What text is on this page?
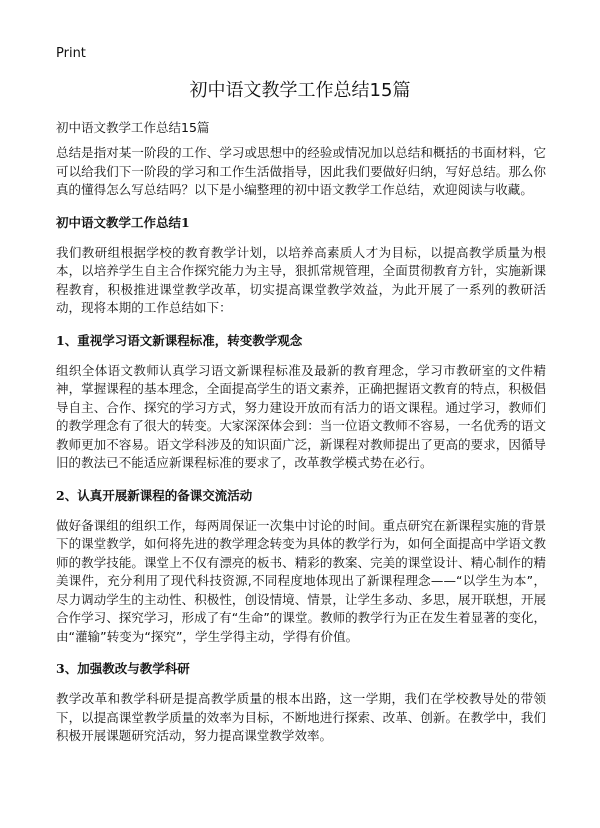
Print
初中语文教学工作总结15篇
初中语文教学工作总结15篇

总结是指对某一阶段的工作、学习或思想中的经验或情况加以总结和概括的书面材料，它可以给我们下一阶段的学习和工作生活做指导，因此我们要做好归纳，写好总结。那么你真的懂得怎么写总结吗？以下是小编整理的初中语文教学工作总结，欢迎阅读与收藏。

初中语文教学工作总结1

我们教研组根据学校的教育教学计划，以培养高素质人才为目标，以提高教学质量为根本，以培养学生自主合作探究能力为主导，狠抓常规管理，全面贯彻教育方针，实施新课程教育，积极推进课堂教学改革，切实提高课堂教学效益，为此开展了一系列的教研活动，现将本期的工作总结如下：

1、重视学习语文新课程标准，转变教学观念

组织全体语文教师认真学习语文新课程标准及最新的教育理念，学习市教研室的文件精神，掌握课程的基本理念，全面提高学生的语文素养，正确把握语文教育的特点，积极倡导自主、合作、探究的学习方式，努力建设开放而有活力的语文课程。通过学习，教师们的教学理念有了很大的转变。大家深深体会到：当一位语文教师不容易，一名优秀的语文教师更加不容易。语文学科涉及的知识面广泛，新课程对教师提出了更高的要求，因循导旧的教法已不能适应新课程标准的要求了，改革教学模式势在必行。

2、认真开展新课程的备课交流活动

做好备课组的组织工作，每两周保证一次集中讨论的时间。重点研究在新课程实施的背景下的课堂教学，如何将先进的教学理念转变为具体的教学行为，如何全面提高中学语文教师的教学技能。课堂上不仅有漂亮的板书、精彩的教案、完美的课堂设计、精心制作的精美课件，充分利用了现代科技资源,不同程度地体现出了新课程理念——“以学生为本”，尽力调动学生的主动性、积极性，创设情境、情景，让学生多动、多思，展开联想，开展合作学习、探究学习，形成了有“生命”的课堂。教师的教学行为正在发生着显著的变化，由“灌输”转变为“探究”，学生学得主动，学得有价值。

3、加强教改与教学科研

教学改革和教学科研是提高教学质量的根本出路，这一学期，我们在学校教导处的带领下，以提高课堂教学质量的效率为目标，不断地进行探索、改革、创新。在教学中，我们积极开展课题研究活动，努力提高课堂教学效率。
